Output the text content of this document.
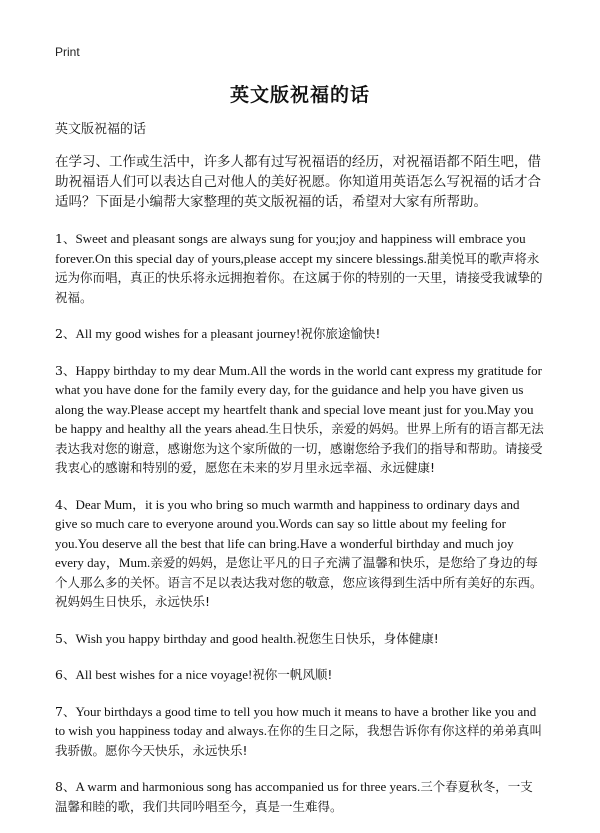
Print
英文版祝福的话
英文版祝福的话
在学习、工作或生活中，许多人都有过写祝福语的经历，对祝福语都不陌生吧，借助祝福语人们可以表达自己对他人的美好祝愿。你知道用英语怎么写祝福的话才合适吗？下面是小编帮大家整理的英文版祝福的话，希望对大家有所帮助。
1、Sweet and pleasant songs are always sung for you;joy and happiness will embrace you forever.On this special day of yours,please accept my sincere blessings.甜美悦耳的歌声将永远为你而唱，真正的快乐将永远拥抱着你。在这属于你的特别的一天里，请接受我诚挚的祝福。
2、All my good wishes for a pleasant journey!祝你旅途愉快!
3、Happy birthday to my dear Mum.All the words in the world cant express my gratitude for what you have done for the family every day, for the guidance and help you have given us along the way.Please accept my heartfelt thank and special love meant just for you.May you be happy and healthy all the years ahead.生日快乐，亲爱的妈妈。世界上所有的语言都无法表达我对您的谢意，感谢您为这个家所做的一切，感谢您给予我们的指导和帮助。请接受我衷心的感谢和特别的爱，愿您在未来的岁月里永远幸福、永远健康!
4、Dear Mum，it is you who bring so much warmth and happiness to ordinary days and give so much care to everyone around you.Words can say so little about my feeling for you.You deserve all the best that life can bring.Have a wonderful birthday and much joy every day，Mum.亲爱的妈妈，是您让平凡的日子充满了温馨和快乐，是您给了身边的每个人那么多的关怀。语言不足以表达我对您的敬意，您应该得到生活中所有美好的东西。祝妈妈生日快乐，永远快乐!
5、Wish you happy birthday and good health.祝您生日快乐，身体健康!
6、All best wishes for a nice voyage!祝你一帆风顺!
7、Your birthdays a good time to tell you how much it means to have a brother like you and to wish you happiness today and always.在你的生日之际，我想告诉你有你这样的弟弟真叫我骄傲。愿你今天快乐，永远快乐!
8、A warm and harmonious song has accompanied us for three years.三个春夏秋冬，一支温馨和睦的歌，我们共同吟唱至今，真是一生难得。
